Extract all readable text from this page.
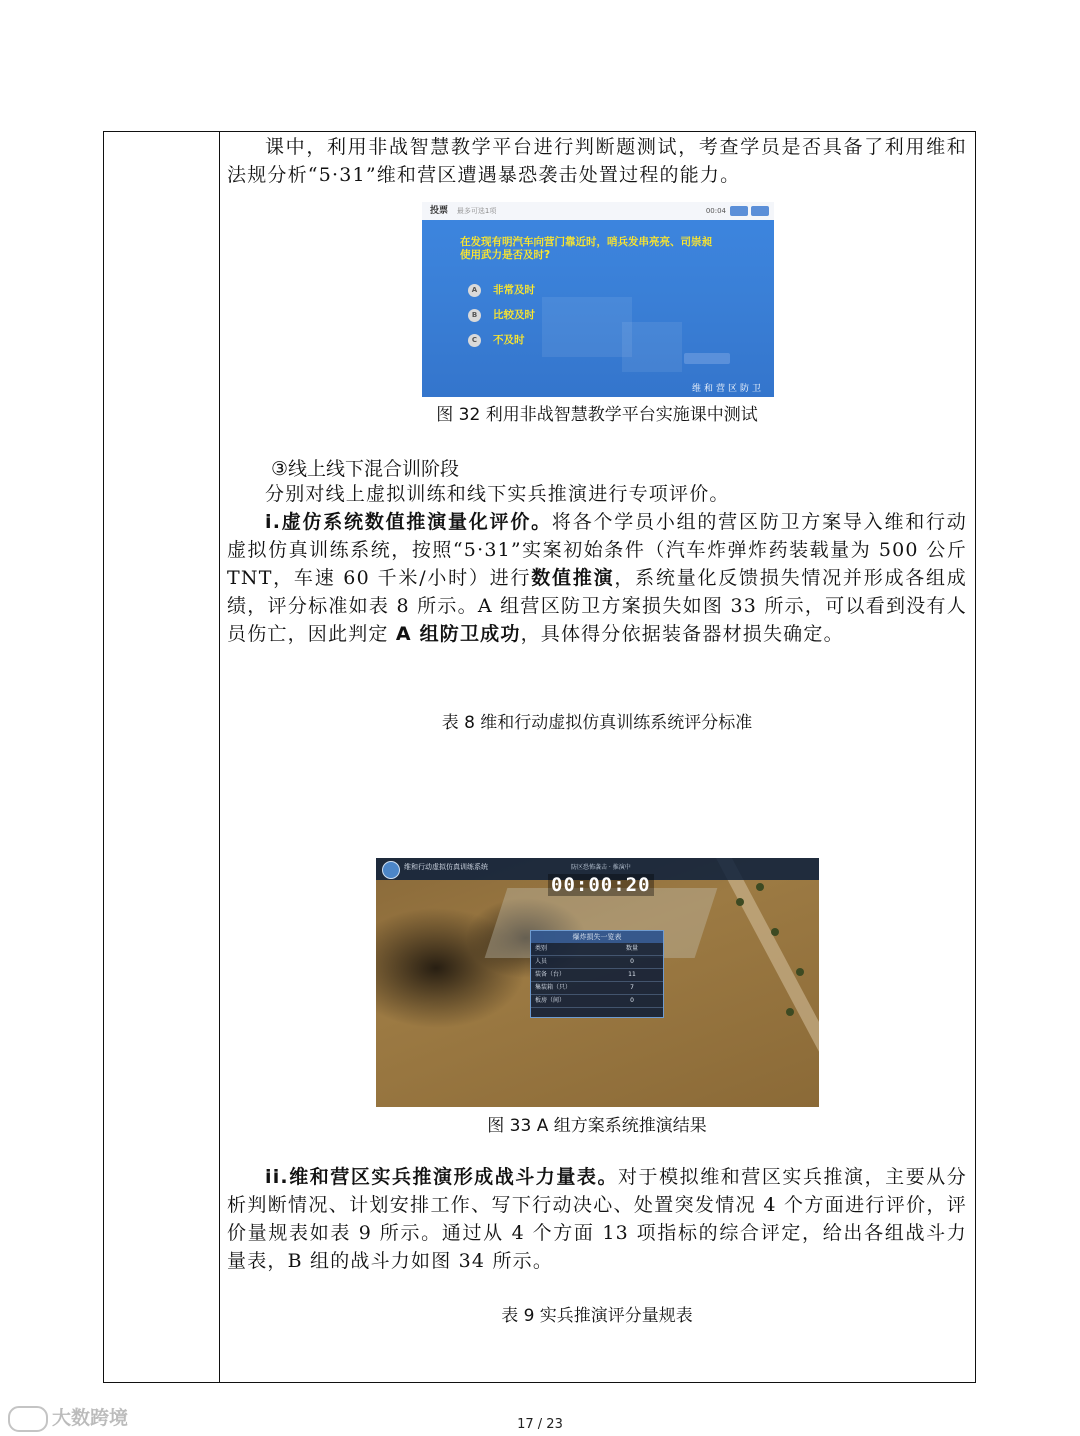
课中，利用非战智慧教学平台进行判断题测试，考查学员是否具备了利用维和法规分析“5·31”维和营区遭遇暴恐袭击处置过程的能力。

投票 最多可选1项	00:04
在发现有明汽车向营门靠近时，哨兵发串亮亮、司崇昶使用武力是否及时?
A 非常及时
B 比较及时
C 不及时
维和营区防卫
图 32 利用非战智慧教学平台实施课中测试
③线上线下混合训阶段

分别对线上虚拟训练和线下实兵推演进行专项评价。

i.虚仿系统数值推演量化评价。将各个学员小组的营区防卫方案导入维和行动虚拟仿真训练系统，按照“5·31”实案初始条件（汽车炸弹炸药装载量为 500 公斤 TNT，车速 60 千米/小时）进行数值推演，系统量化反馈损失情况并形成各组成绩，评分标准如表 8 所示。A 组营区防卫方案损失如图 33 所示，可以看到没有人员伤亡，因此判定 A 组防卫成功，具体得分依据装备器材损失确定。

表 8 维和行动虚拟仿真训练系统评分标准
维和行动虚拟仿真训练系统	防区恐怖袭击 · 推演中
00:00:20
爆炸损失一览表
类别	数量
人员	0
装备（台）	11
集装箱（只）	7
板房（间）	0
图 33 A 组方案系统推演结果

ii.维和营区实兵推演形成战斗力量表。对于模拟维和营区实兵推演，主要从分析判断情况、计划安排工作、写下行动决心、处置突发情况 4 个方面进行评价，评价量规表如表 9 所示。通过从 4 个方面 13 项指标的综合评定，给出各组战斗力量表，B 组的战斗力如图 34 所示。

表 9 实兵推演评分量规表
大数跨境	17 / 23
